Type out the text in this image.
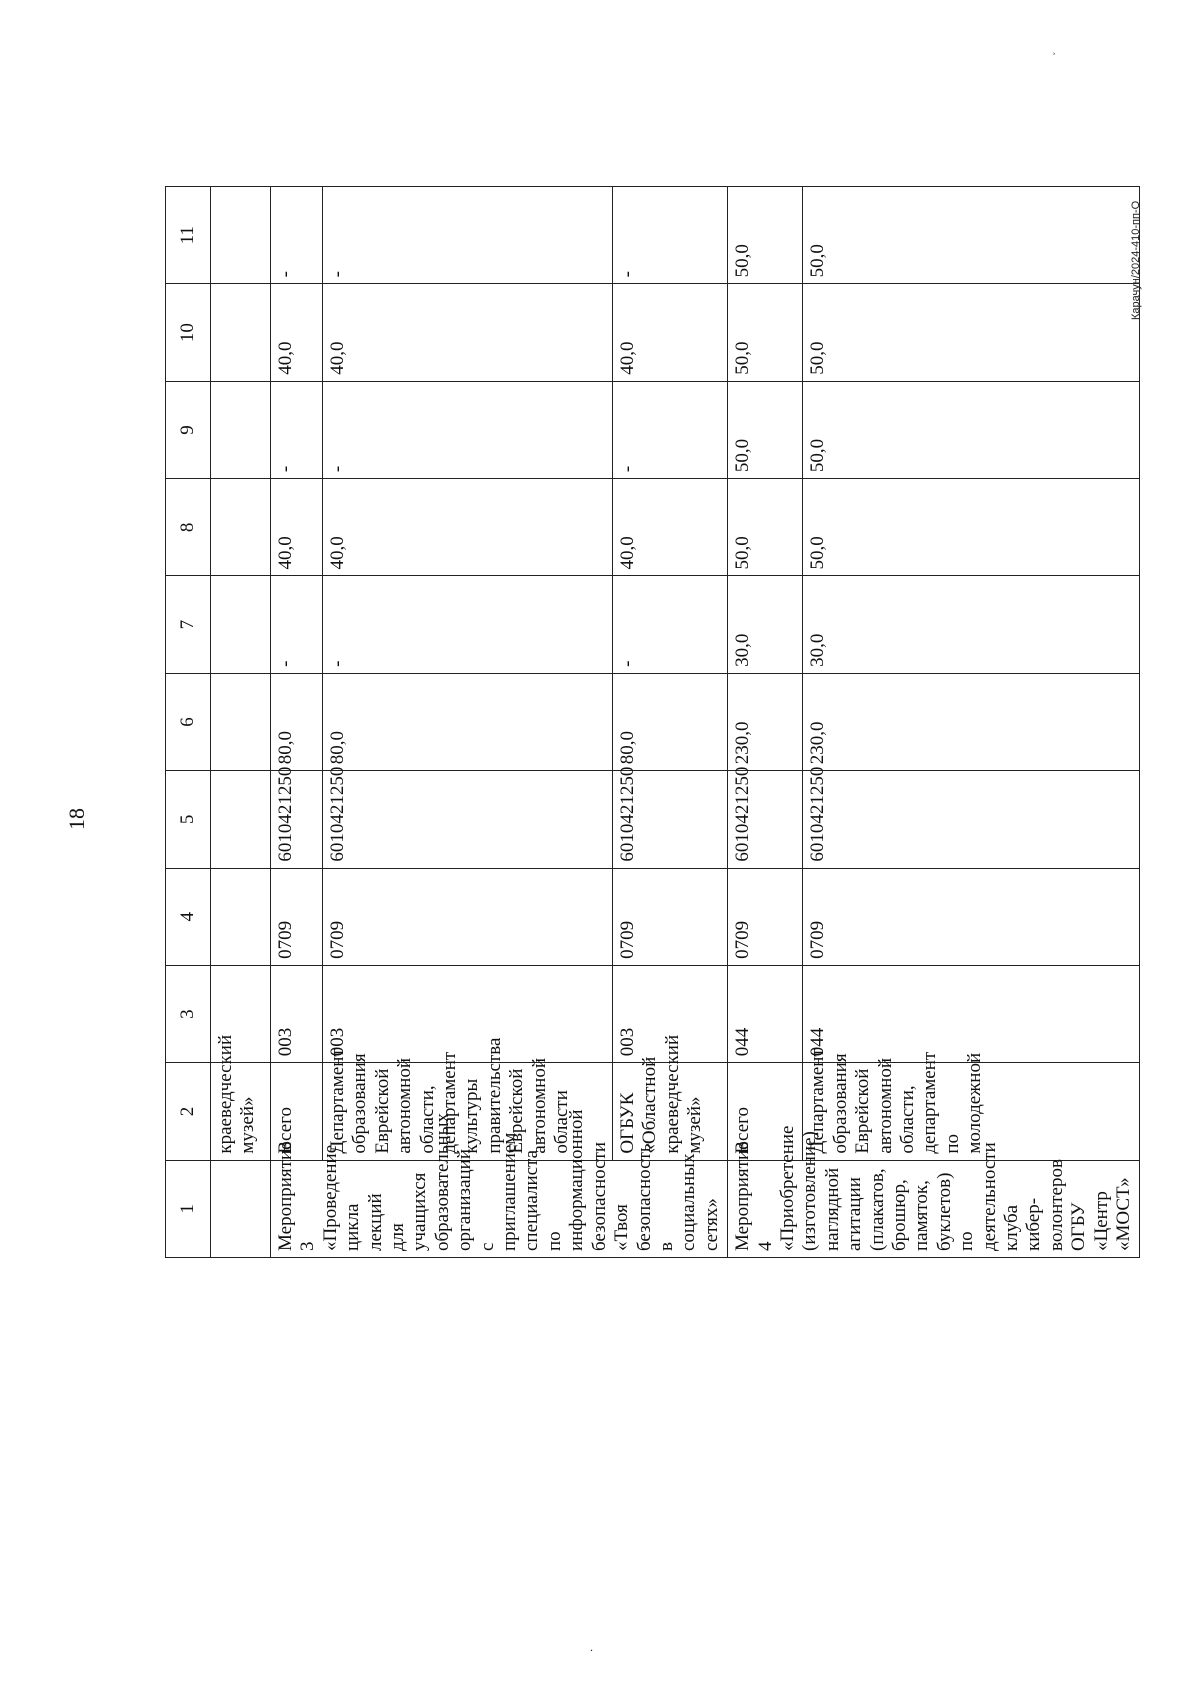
18
ʾ
.
Карачун/2024-410-пп-О
1	2	3	4	5	6	7	8	9	10	11
	краеведческий музей»									
Мероприятие 3 «Проведение цикла лекций для учащихся образовательных организаций с приглашением специалиста по информационной безопасности «Твоя безопасность в социальных сетях»	Всего	003	0709	6010421250	80,0	-	40,0	-	40,0	-
	Департамент образования Еврейской автономной области, департамент культуры правительства Еврейской автономной области	003	0709	6010421250	80,0	-	40,0	-	40,0	-
	ОГБУК «Областной краеведческий музей»	003	0709	6010421250	80,0	-	40,0	-	40,0	-
Мероприятие 4 «Приобретение (изготовление) наглядной агитации (плакатов, брошюр, памяток, буклетов) по деятельности клуба киберволонтеров ОГБУ «Центр «МОСТ»	Всего	044	0709	6010421250	230,0	30,0	50,0	50,0	50,0	50,0
	Департамент образования Еврейской автономной области, департамент по молодежной	044	0709	6010421250	230,0	30,0	50,0	50,0	50,0	50,0
